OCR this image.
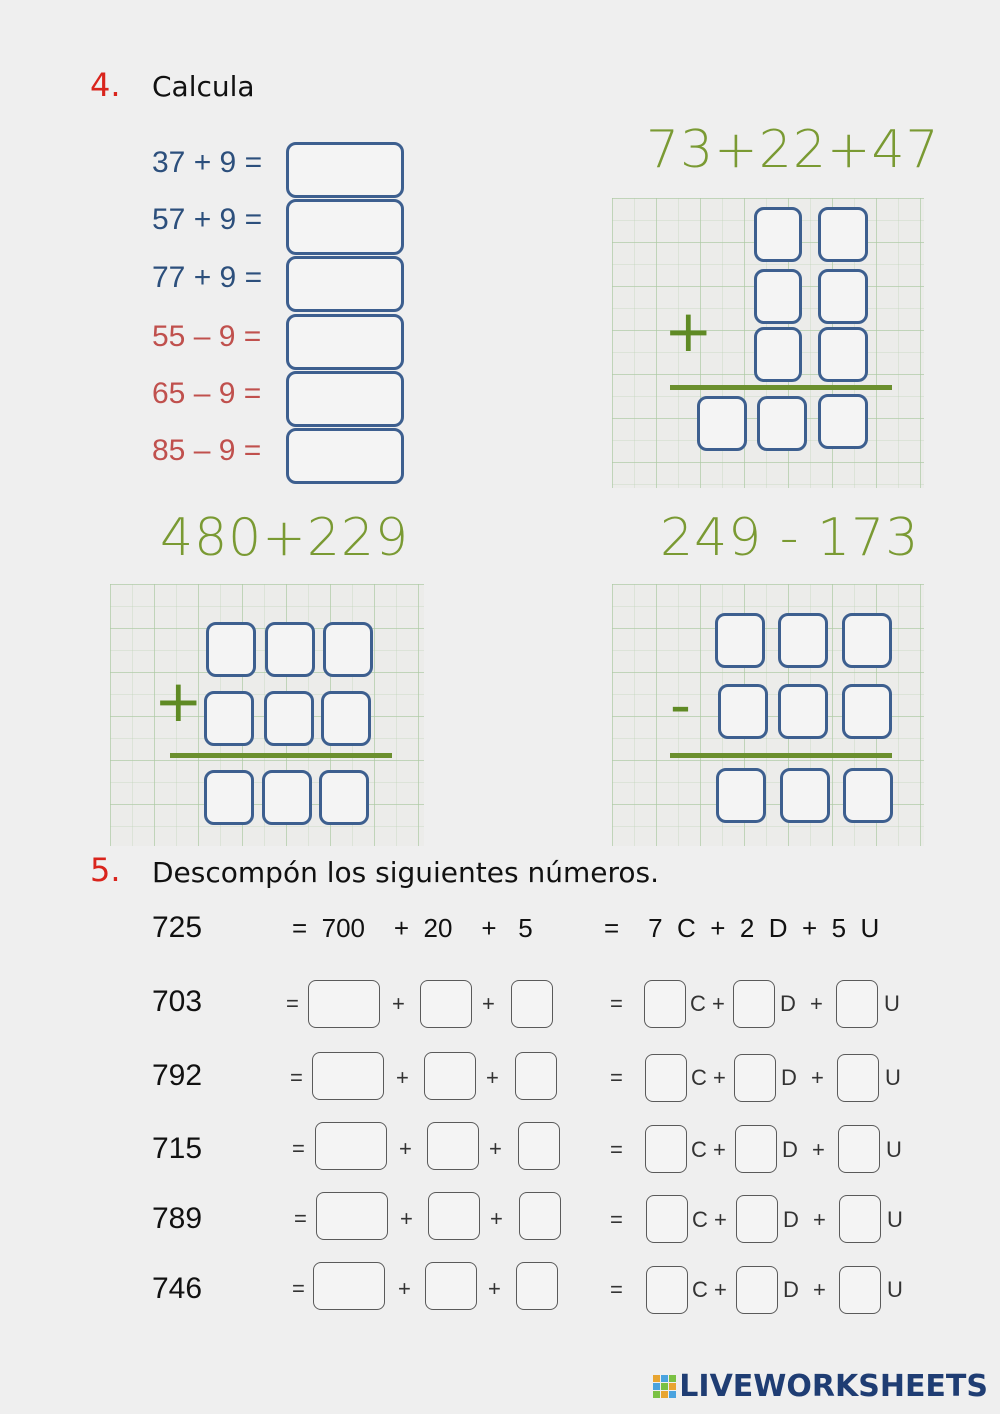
4. Calcula
37 + 9 =
57 + 9 =
77 + 9 =
55 – 9 =
65 – 9 =
85 – 9 =
73+22+47
+
480+229
+
249 - 173
-
5. Descompón los siguientes números.
725	=  700    +  20    +   5	=    7  C  +  2  D  +  5  U
703	=	+	+	=	C +	D +	U
792	=	+	+	=	C +	D +	U
715	=	+	+	=	C +	D +	U
789	=	+	+	=	C +	D +	U
746	=	+	+	=	C +	D +	U
LIVEWORKSHEETS
